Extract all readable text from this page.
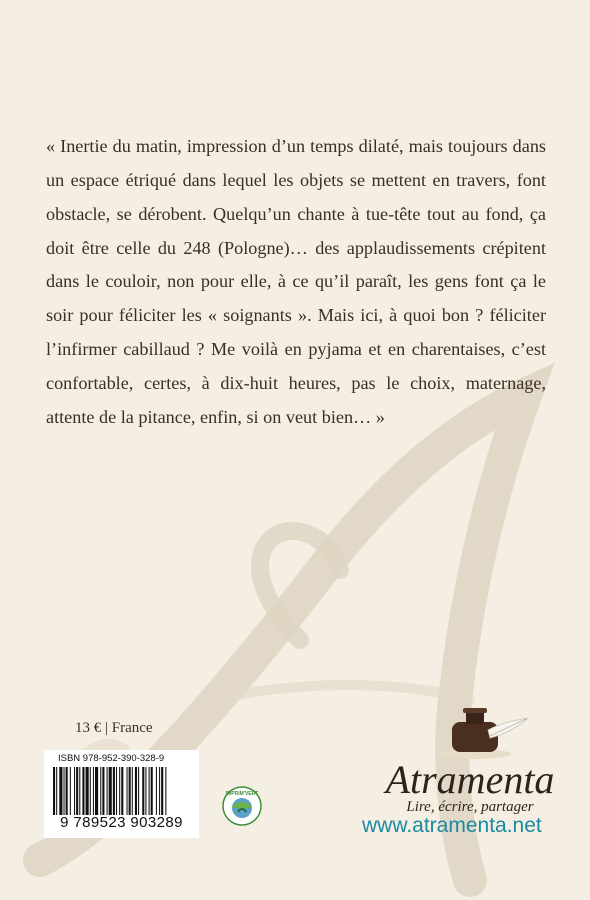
« Inertie du matin, impression d’un temps dilaté, mais toujours dans un espace étriqué dans lequel les objets se mettent en travers, font obstacle, se dérobent. Quelqu’un chante à tue-tête tout au fond, ça doit être celle du 248 (Pologne)… des applaudissements crépitent dans le couloir, non pour elle, à ce qu’il paraît, les gens font ça le soir pour féliciter les « soignants ». Mais ici, à quoi bon ? féliciter l’infirmer cabillaud ? Me voilà en pyjama et en charentaises, c’est confortable, certes, à dix-huit heures, pas le choix, maternage, attente de la pitance, enfin, si on veut bien… »

13 € | France
ISBN 978-952-390-328-9
9 789523 903289
IMPRIM'VERT	Atramenta
Lire, écrire, partager
www.atramenta.net
